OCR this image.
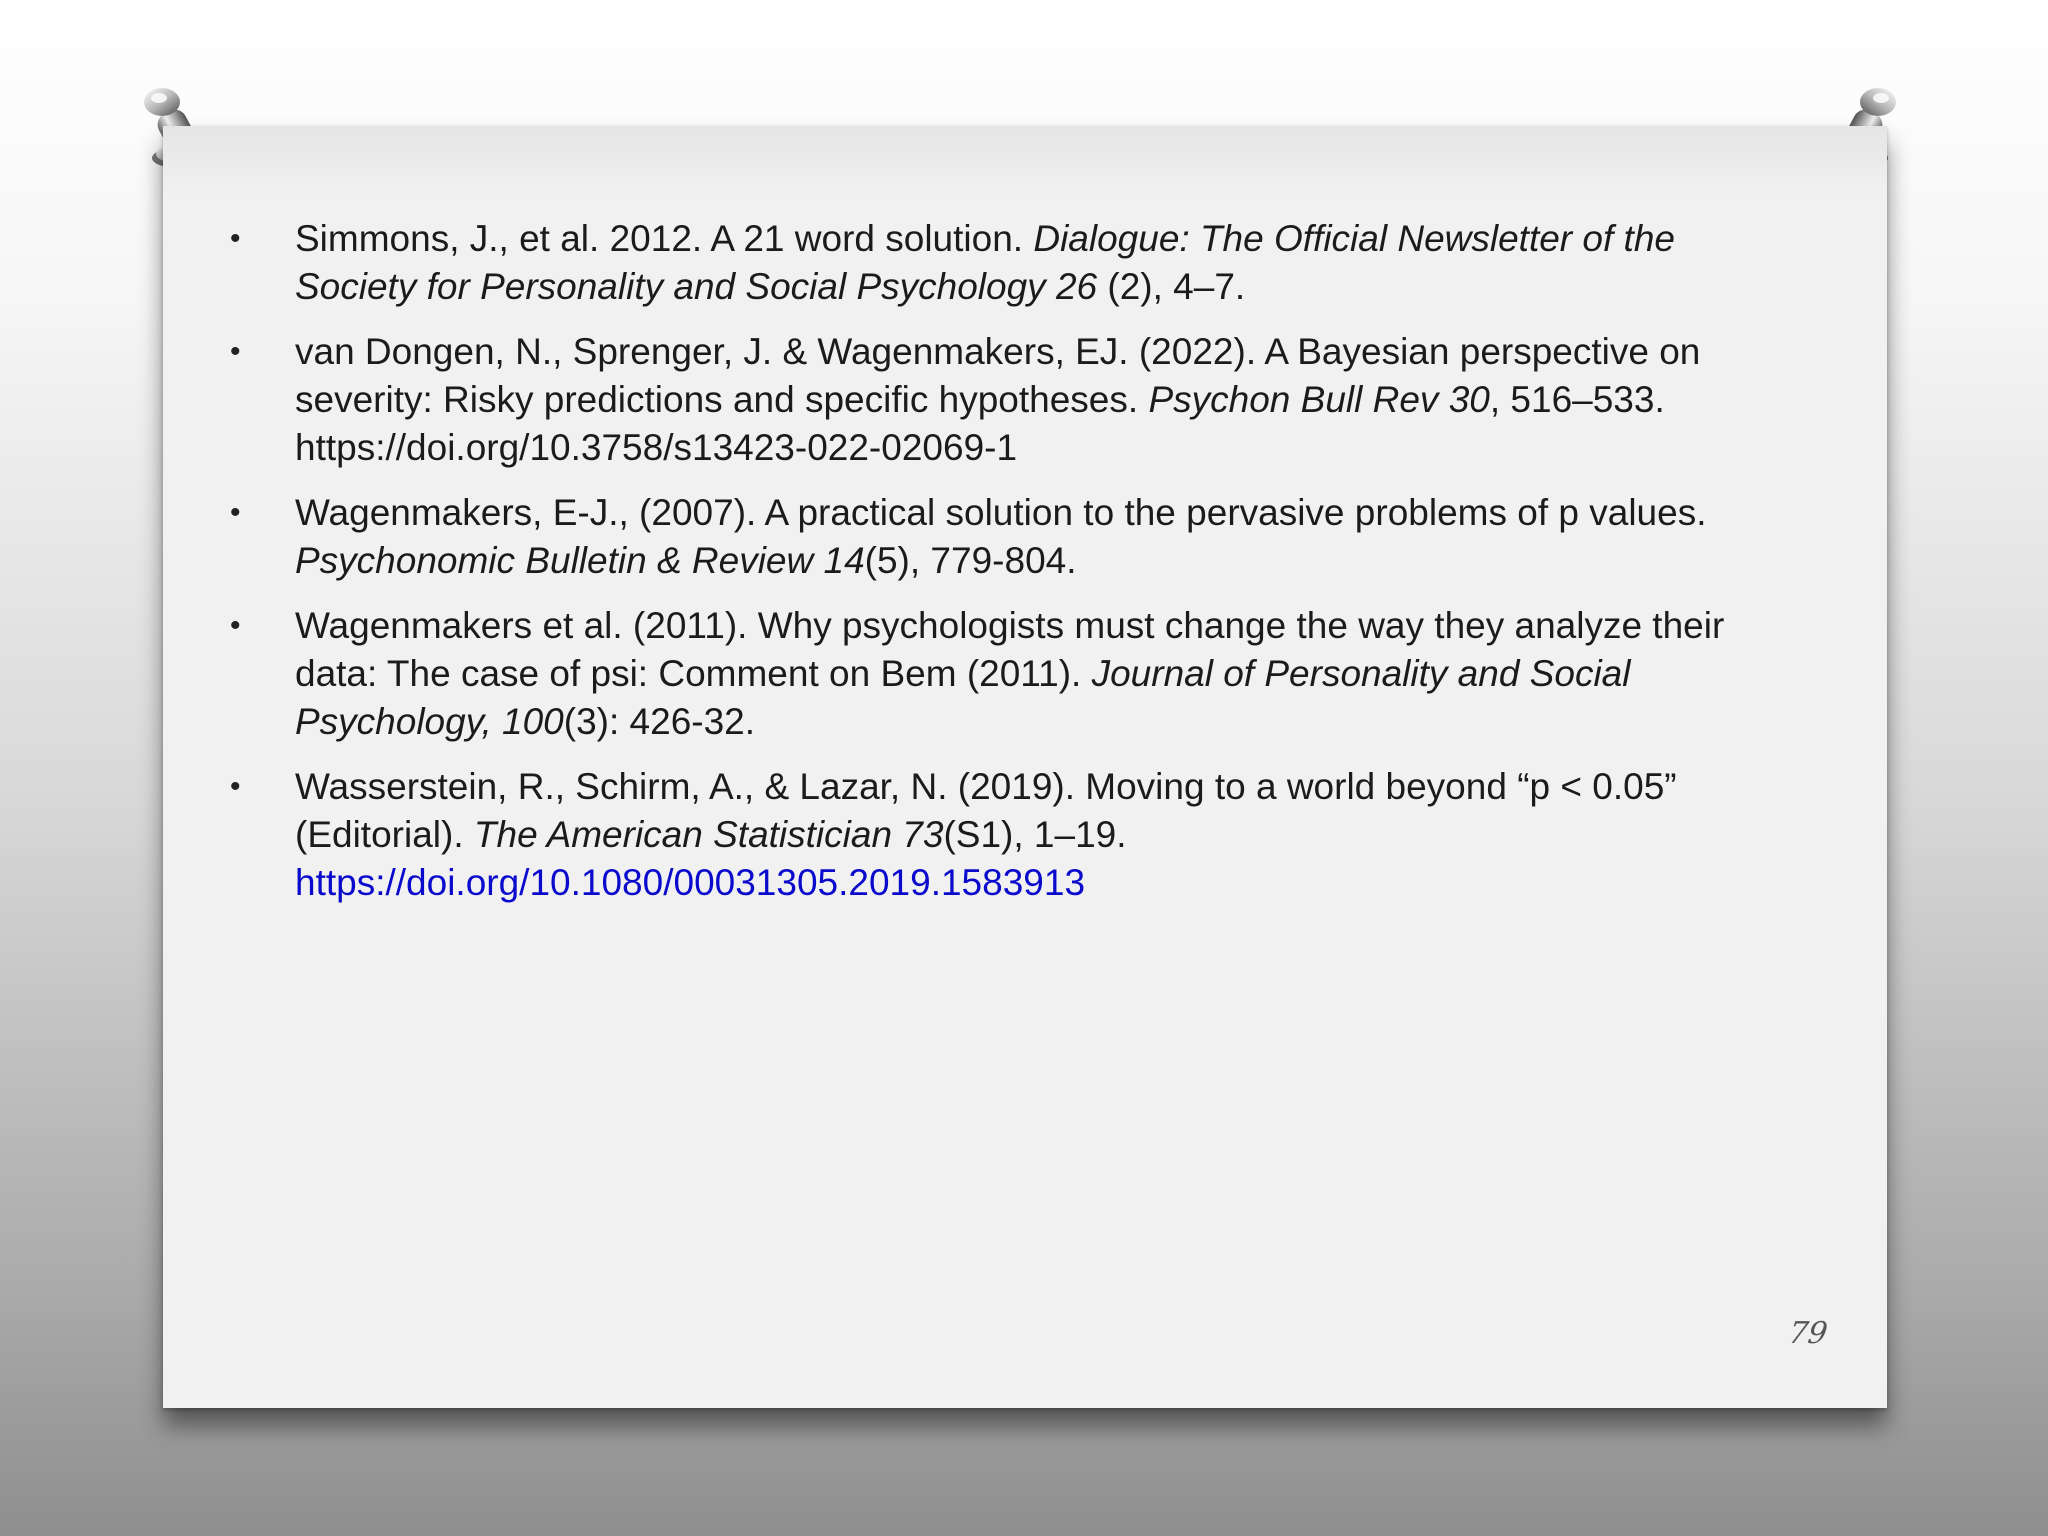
• Simmons, J., et al. 2012. A 21 word solution. Dialogue: The Official Newsletter of the Society for Personality and Social Psychology 26 (2), 4–7.
• van Dongen, N., Sprenger, J. & Wagenmakers, EJ. (2022). A Bayesian perspective on severity: Risky predictions and specific hypotheses. Psychon Bull Rev 30, 516–533. https://doi.org/10.3758/s13423-022-02069-1
• Wagenmakers, E-J., (2007). A practical solution to the pervasive problems of p values. Psychonomic Bulletin & Review 14(5), 779-804.
• Wagenmakers et al. (2011). Why psychologists must change the way they analyze their data: The case of psi: Comment on Bem (2011). Journal of Personality and Social Psychology, 100(3): 426-32.
• Wasserstein, R., Schirm, A., & Lazar, N. (2019). Moving to a world beyond “p < 0.05” (Editorial). The American Statistician 73(S1), 1–19. https://doi.org/10.1080/00031305.2019.1583913
79
